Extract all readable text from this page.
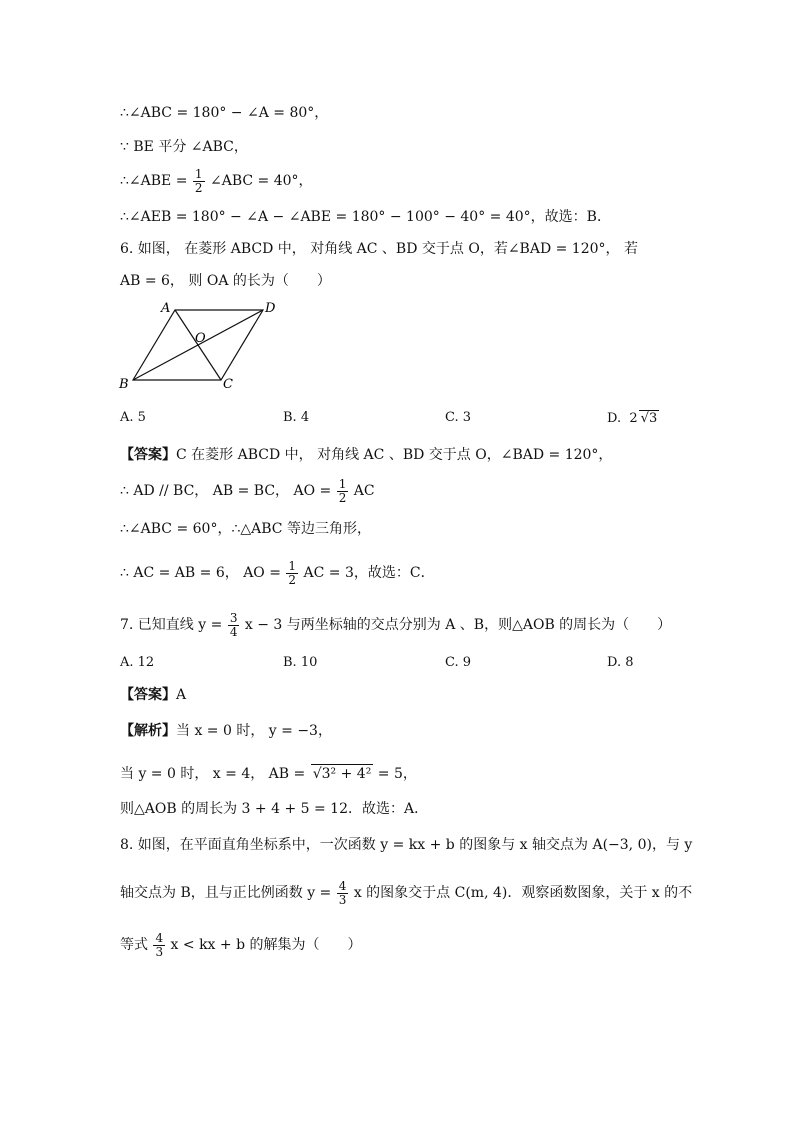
∴∠ABC = 180° − ∠A = 80°，
∵ BE 平分 ∠ABC，
∴∠ABE = $\frac{1}{2}$ ∠ABC = 40°，
∴∠AEB = 180° − ∠A − ∠ABE = 180° − 100° − 40° = 40°，故选：B．
6. 如图， 在菱形 ABCD 中， 对角线 AC 、BD 交于点 O，若∠BAD = 120°， 若
AB = 6， 则 OA 的长为（　　）
A	D
O
B	C
A. 5	B. 4	C. 3	D. 2 √3
【答案】C 在菱形 ABCD 中， 对角线 AC 、BD 交于点 O，∠BAD = 120°，
∴ AD // BC， AB = BC， AO = $\frac{1}{2}$ AC
∴∠ABC = 60°，∴△ABC 等边三角形，
∴ AC = AB = 6， AO = $\frac{1}{2}$ AC = 3，故选：C．
7. 已知直线 $y = \frac{3}{4}$ x − 3 与两坐标轴的交点分别为 A 、B，则△AOB 的周长为（　　）
A. 12	B. 10	C. 9	D. 8
【答案】A
【解析】当 x = 0 时， y = −3，
当 y = 0 时， x = 4， AB = √3² + 4² = 5，
则△AOB 的周长为 3 + 4 + 5 = 12．故选：A．
8. 如图，在平面直角坐标系中，一次函数 y = kx + b 的图象与 x 轴交点为 A(−3, 0)，与 y
轴交点为 B，且与正比例函数 $y = \frac{4}{3}$ x 的图象交于点 C(m, 4)．观察函数图象，关于 x 的不
等式 $\frac{4}{3}$ x < kx + b 的解集为（　　）
